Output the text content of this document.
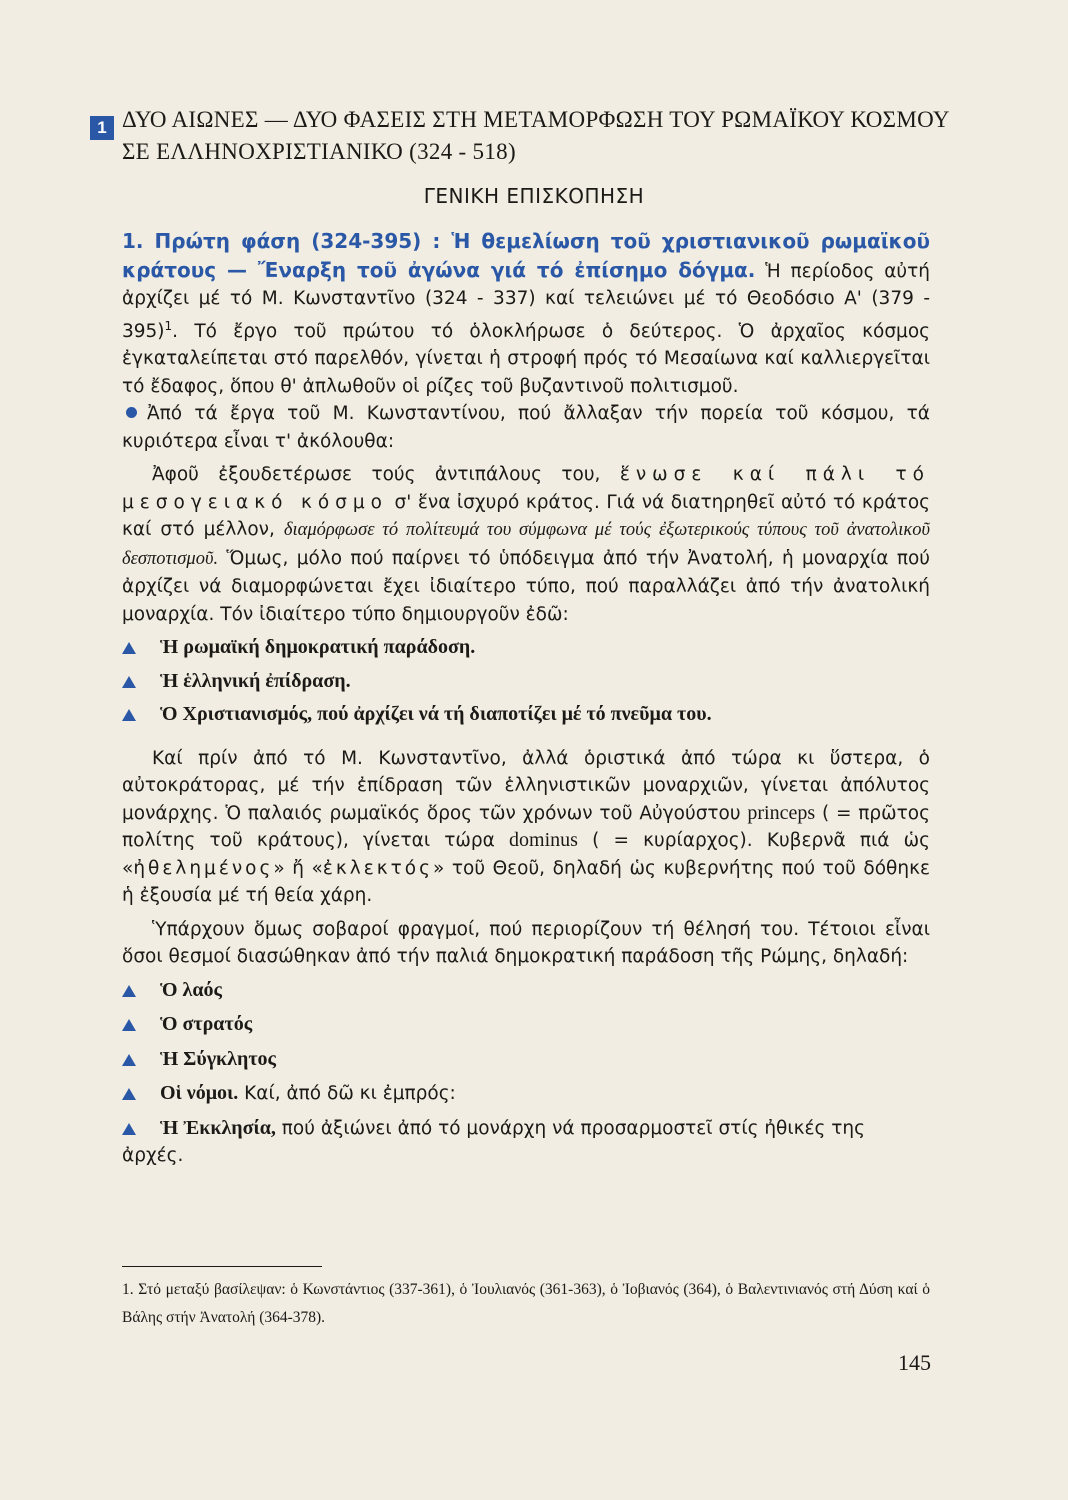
1 ΔΥΟ ΑΙΩΝΕΣ — ΔΥΟ ΦΑΣΕΙΣ ΣΤΗ ΜΕΤΑΜΟΡΦΩΣΗ ΤΟΥ ΡΩΜΑΪΚΟΥ ΚΟΣΜΟΥ ΣΕ ΕΛΛΗΝΟΧΡΙΣΤΙΑΝΙΚΟ (324 - 518)
ΓΕΝΙΚΗ ΕΠΙΣΚΟΠΗΣΗ

1. Πρώτη φάση (324-395) : Ἡ θεμελίωση τοῦ χριστιανικοῦ ρωμαϊκοῦ κράτους — Ἔναρξη τοῦ ἀγώνα γιά τό ἐπίσημο δόγμα. Ἡ περίοδος αὐτή ἀρχίζει μέ τό Μ. Κωνσταντῖνο (324 - 337) καί τελειώνει μέ τό Θεοδόσιο Α' (379 - 395)$^1$. Τό ἔργο τοῦ πρώτου τό ὁλοκλήρωσε ὁ δεύτερος. Ὁ ἀρχαῖος κόσμος ἐγκαταλείπεται στό παρελθόν, γίνεται ἡ στροφή πρός τό Μεσαίωνα καί καλλιεργεῖται τό ἔδαφος, ὅπου θ' ἀπλωθοῦν οἱ ρίζες τοῦ βυζαντινοῦ πολιτισμοῦ.

Ἀπό τά ἔργα τοῦ Μ. Κωνσταντίνου, πού ἄλλαξαν τήν πορεία τοῦ κόσμου, τά κυριότερα εἶναι τ' ἀκόλουθα:

Ἀφοῦ ἐξουδετέρωσε τούς ἀντιπάλους του, ἕνωσε καί πάλι τό μεσογειακό κόσμο σ' ἕνα ἰσχυρό κράτος. Γιά νά διατηρηθεῖ αὐτό τό κράτος καί στό μέλλον, διαμόρφωσε τό πολίτευμά του σύμφωνα μέ τούς ἐξωτερικούς τύπους τοῦ ἀνατολικοῦ δεσποτισμοῦ. Ὅμως, μόλο πού παίρνει τό ὑπόδειγμα ἀπό τήν Ἀνατολή, ἡ μοναρχία πού ἀρχίζει νά διαμορφώνεται ἔχει ἰδιαίτερο τύπο, πού παραλλάζει ἀπό τήν ἀνατολική μοναρχία. Τόν ἰδιαίτερο τύπο δημιουργοῦν ἐδῶ:

Ἡ ρωμαϊκή δημοκρατική παράδοση.

Ἡ ἑλληνική ἐπίδραση.

Ὁ Χριστιανισμός, πού ἀρχίζει νά τή διαποτίζει μέ τό πνεῦμα του.

Καί πρίν ἀπό τό Μ. Κωνσταντῖνο, ἀλλά ὁριστικά ἀπό τώρα κι ὕστερα, ὁ αὐτοκράτορας, μέ τήν ἐπίδραση τῶν ἑλληνιστικῶν μοναρχιῶν, γίνεται ἀπόλυτος μονάρχης. Ὁ παλαιός ρωμαϊκός ὅρος τῶν χρόνων τοῦ Αὐγούστου princeps ( = πρῶτος πολίτης τοῦ κράτους), γίνεται τώρα dominus ( = κυρίαρχος). Κυβερνᾶ πιά ὡς «ἠθελημένος» ἤ «ἐκλεκτός» τοῦ Θεοῦ, δηλαδή ὡς κυβερνήτης πού τοῦ δόθηκε ἡ ἐξουσία μέ τή θεία χάρη.

Ὑπάρχουν ὅμως σοβαροί φραγμοί, πού περιορίζουν τή θέλησή του. Τέτοιοι εἶναι ὅσοι θεσμοί διασώθηκαν ἀπό τήν παλιά δημοκρατική παράδοση τῆς Ρώμης, δηλαδή:

Ὁ λαός

Ὁ στρατός

Ἡ Σύγκλητος

Οἱ νόμοι. Καί, ἀπό δῶ κι ἐμπρός:

Ἡ Ἐκκλησία, πού ἀξιώνει ἀπό τό μονάρχη νά προσαρμοστεῖ στίς ἠθικές της ἀρχές.

1. Στό μεταξύ βασίλεψαν: ὁ Κωνστάντιος (337-361), ὁ Ἰουλιανός (361-363), ὁ Ἰοβιανός (364), ὁ Βαλεντινιανός στή Δύση καί ὁ Βάλης στήν Ἀνατολή (364-378).

145
